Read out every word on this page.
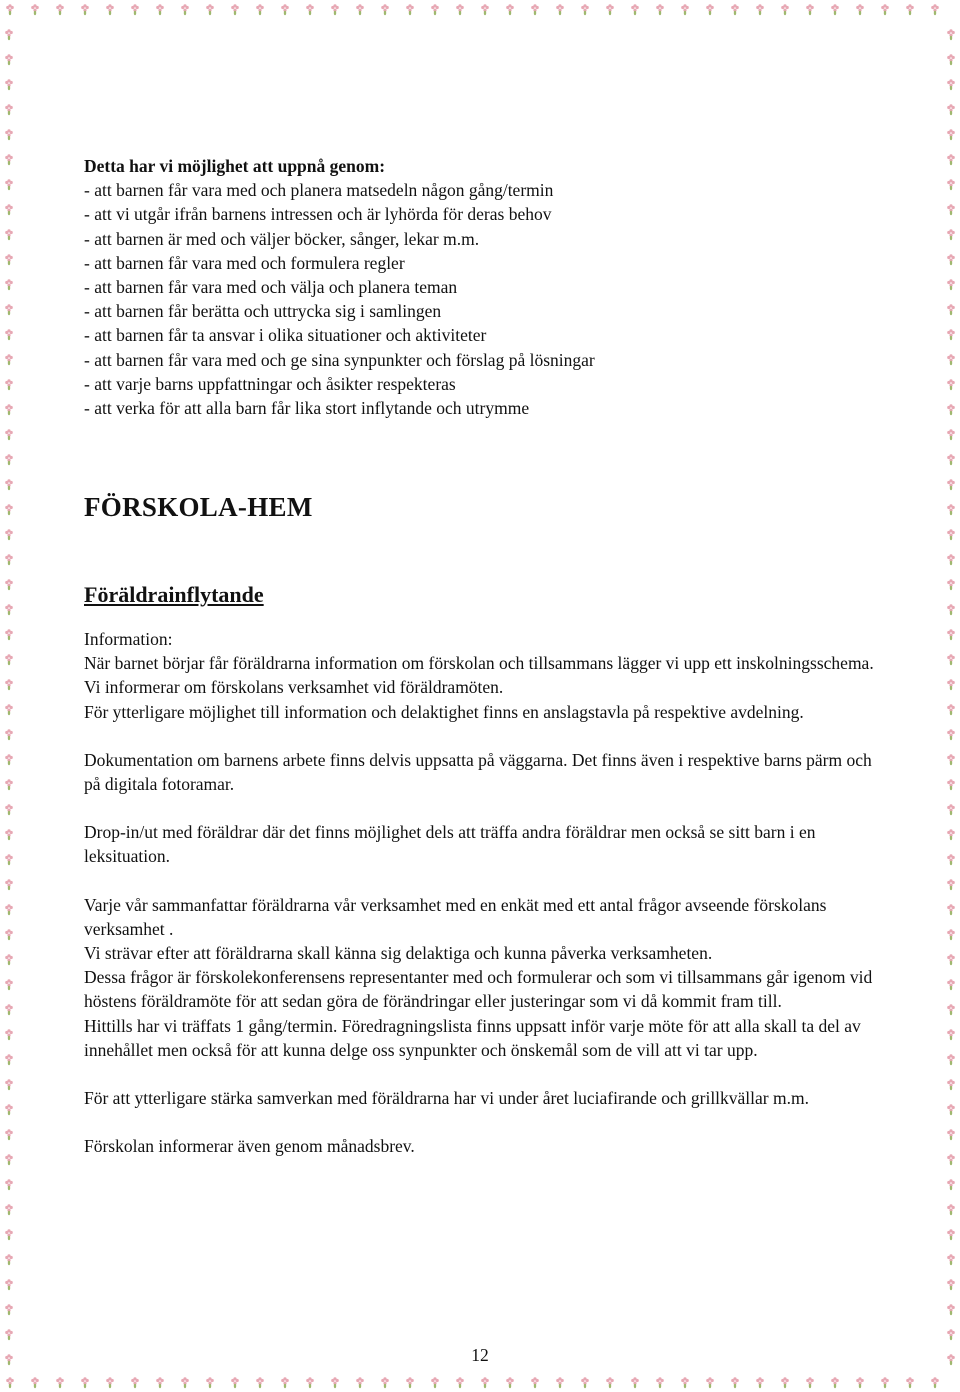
Detta har vi möjlighet att uppnå genom:
- att barnen får vara med och planera matsedeln någon gång/termin
- att vi utgår ifrån barnens intressen och är lyhörda för deras behov
- att barnen är med och väljer böcker, sånger, lekar m.m.
- att barnen får vara med och formulera regler
- att barnen får vara med och välja och planera teman
- att barnen får berätta och uttrycka sig i samlingen
- att barnen får ta ansvar i olika situationer och aktiviteter
- att barnen får vara med och ge sina synpunkter och förslag på lösningar
- att varje barns uppfattningar och åsikter respekteras
- att verka för att alla barn får lika stort inflytande och utrymme
FÖRSKOLA-HEM
Föräldrainflytande

Information:

När barnet börjar får föräldrarna information om förskolan och tillsammans lägger vi upp ett inskolningsschema.

Vi informerar om förskolans verksamhet vid föräldramöten.

För ytterligare möjlighet till information och delaktighet finns en anslagstavla på respektive avdelning.

Dokumentation om barnens arbete finns delvis uppsatta på väggarna. Det finns även i respektive barns pärm och på digitala fotoramar.

Drop-in/ut med föräldrar där det finns möjlighet dels att träffa andra föräldrar men också se sitt barn i en leksituation.

Varje vår sammanfattar föräldrarna vår verksamhet med en enkät med ett antal frågor avseende förskolans verksamhet .

Vi strävar efter att föräldrarna skall känna sig delaktiga och kunna påverka verksamheten.

Dessa frågor är förskolekonferensens representanter med och formulerar och som vi tillsammans går igenom vid höstens föräldramöte för att sedan göra de förändringar eller justeringar som vi då kommit fram till.

Hittills har vi träffats 1 gång/termin. Föredragningslista finns uppsatt inför varje möte för att alla skall ta del av innehållet men också för att kunna delge oss synpunkter och önskemål som de vill att vi tar upp.

För att ytterligare stärka samverkan med föräldrarna har vi under året luciafirande och grillkvällar m.m.

Förskolan informerar även genom månadsbrev.

12
